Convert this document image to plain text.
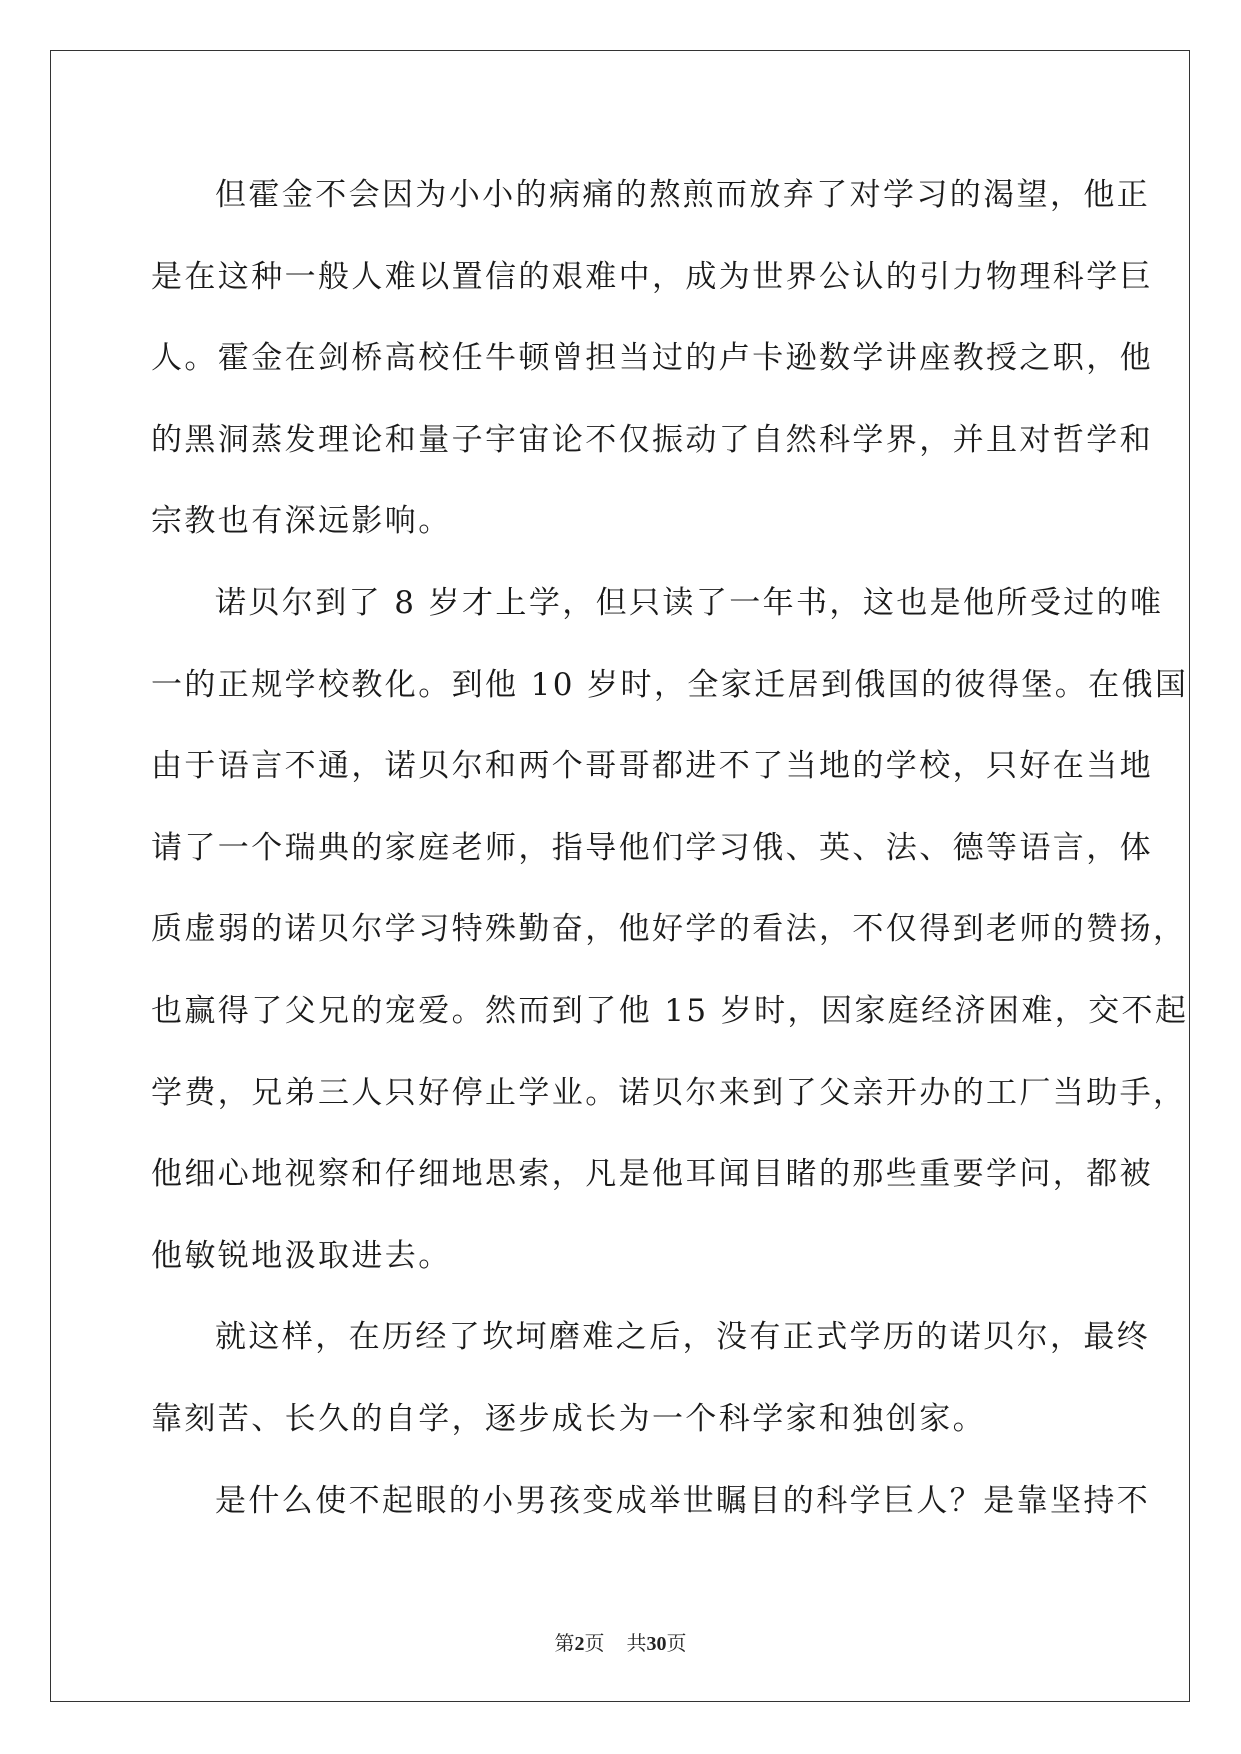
但霍金不会因为小小的病痛的熬煎而放弃了对学习的渴望，他正
是在这种一般人难以置信的艰难中，成为世界公认的引力物理科学巨
人。霍金在剑桥高校任牛顿曾担当过的卢卡逊数学讲座教授之职，他
的黑洞蒸发理论和量子宇宙论不仅振动了自然科学界，并且对哲学和
宗教也有深远影响。
诺贝尔到了 8 岁才上学，但只读了一年书，这也是他所受过的唯
一的正规学校教化。到他 10 岁时，全家迁居到俄国的彼得堡。在俄国
由于语言不通，诺贝尔和两个哥哥都进不了当地的学校，只好在当地
请了一个瑞典的家庭老师，指导他们学习俄、英、法、德等语言，体
质虚弱的诺贝尔学习特殊勤奋，他好学的看法，不仅得到老师的赞扬，
也赢得了父兄的宠爱。然而到了他 15 岁时，因家庭经济困难，交不起
学费，兄弟三人只好停止学业。诺贝尔来到了父亲开办的工厂当助手，
他细心地视察和仔细地思索，凡是他耳闻目睹的那些重要学问，都被
他敏锐地汲取进去。
就这样，在历经了坎坷磨难之后，没有正式学历的诺贝尔，最终
靠刻苦、长久的自学，逐步成长为一个科学家和独创家。
是什么使不起眼的小男孩变成举世瞩目的科学巨人？是靠坚持不
第2页 共30页
